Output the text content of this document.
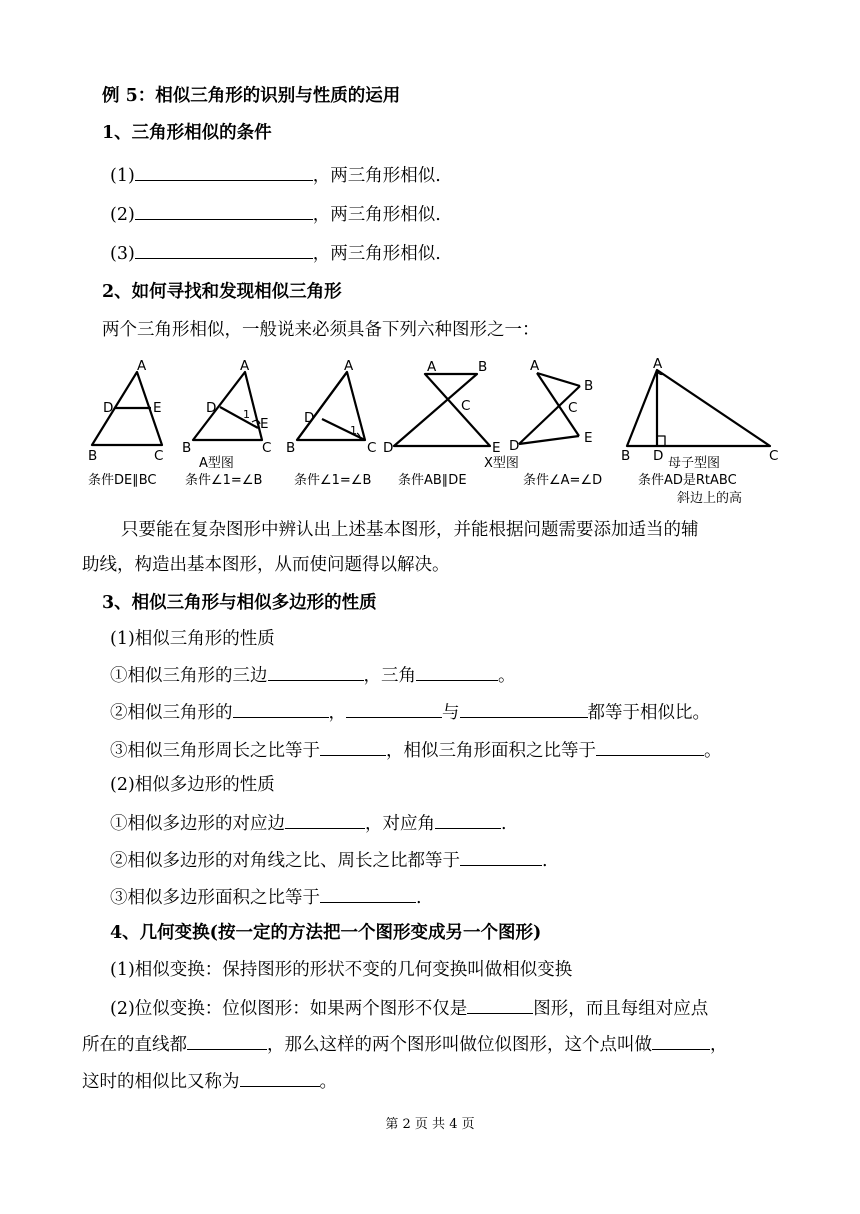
例 5：相似三角形的识别与性质的运用
1、三角形相似的条件
(1)	，两三角形相似.
(2)	，两三角形相似.
(3)	，两三角形相似.
2、如何寻找和发现相似三角形
两个三角形相似，一般说来必须具备下列六种图形之一：
A
D	E
B	C
A
D
E
B	C
1
A
D
B	C
1
A	B
C
D	E
A
B
C
E
D
A
B D	C
A型图	X型图	母子型图
条件DE∥BC 条件∠1=∠B 条件∠1=∠B 条件AB∥DE	条件∠A=∠D	条件AD是RtABC
斜边上的高
只要能在复杂图形中辨认出上述基本图形，并能根据问题需要添加适当的辅
助线，构造出基本图形，从而使问题得以解决。
3、相似三角形与相似多边形的性质
(1)相似三角形的性质
①相似三角形的三边	，三角	。
②相似三角形的	，	与	都等于相似比。
③相似三角形周长之比等于	，相似三角形面积之比等于	。
(2)相似多边形的性质
①相似多边形的对应边	，对应角	.
②相似多边形的对角线之比、周长之比都等于	.
③相似多边形面积之比等于	.
4、几何变换(按一定的方法把一个图形变成另一个图形)
(1)相似变换：保持图形的形状不变的几何变换叫做相似变换
(2)位似变换：位似图形：如果两个图形不仅是	图形，而且每组对应点
所在的直线都	，那么这样的两个图形叫做位似图形，这个点叫做	，
这时的相似比又称为	。
第 2 页 共 4 页
